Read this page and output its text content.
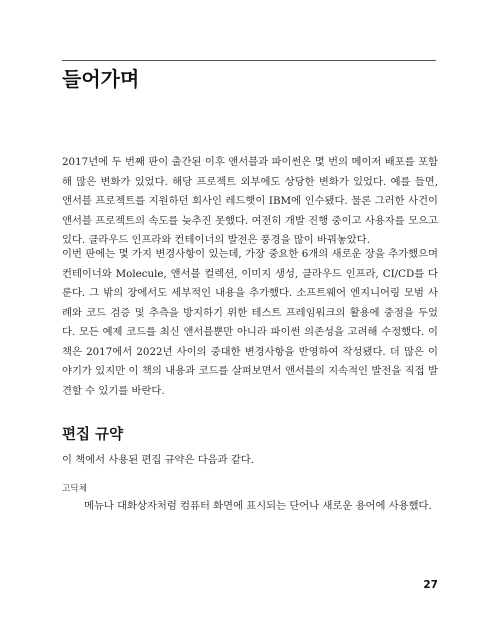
들어가며

2017년에 두 번째 판이 출간된 이후 앤서블과 파이썬은 몇 번의 메이저 배포를 포함해 많은 변화가 있었다. 해당 프로젝트 외부에도 상당한 변화가 있었다. 예를 들면, 앤서블 프로젝트를 지원하던 회사인 레드햇이 IBM에 인수됐다. 물론 그러한 사건이 앤서블 프로젝트의 속도를 늦추진 못했다. 여전히 개발 진행 중이고 사용자를 모으고 있다. 클라우드 인프라와 컨테이너의 발전은 풍경을 많이 바꿔놓았다.

이번 판에는 몇 가지 변경사항이 있는데, 가장 중요한 6개의 새로운 장을 추가했으며 컨테이너와 Molecule, 앤서블 컬렉션, 이미지 생성, 클라우드 인프라, CI/CD를 다룬다. 그 밖의 장에서도 세부적인 내용을 추가했다. 소프트웨어 엔지니어링 모범 사례와 코드 검증 및 추측을 방지하기 위한 테스트 프레임워크의 활용에 중점을 두었다. 모든 예제 코드를 최신 앤서블뿐만 아니라 파이썬 의존성을 고려해 수정했다. 이 책은 2017에서 2022년 사이의 중대한 변경사항을 반영하여 작성됐다. 더 많은 이야기가 있지만 이 책의 내용과 코드를 살펴보면서 앤서블의 지속적인 발전을 직접 발견할 수 있기를 바란다.

편집 규약

이 책에서 사용된 편집 규약은 다음과 같다.

고딕체

메뉴나 대화상자처럼 컴퓨터 화면에 표시되는 단어나 새로운 용어에 사용했다.

27
